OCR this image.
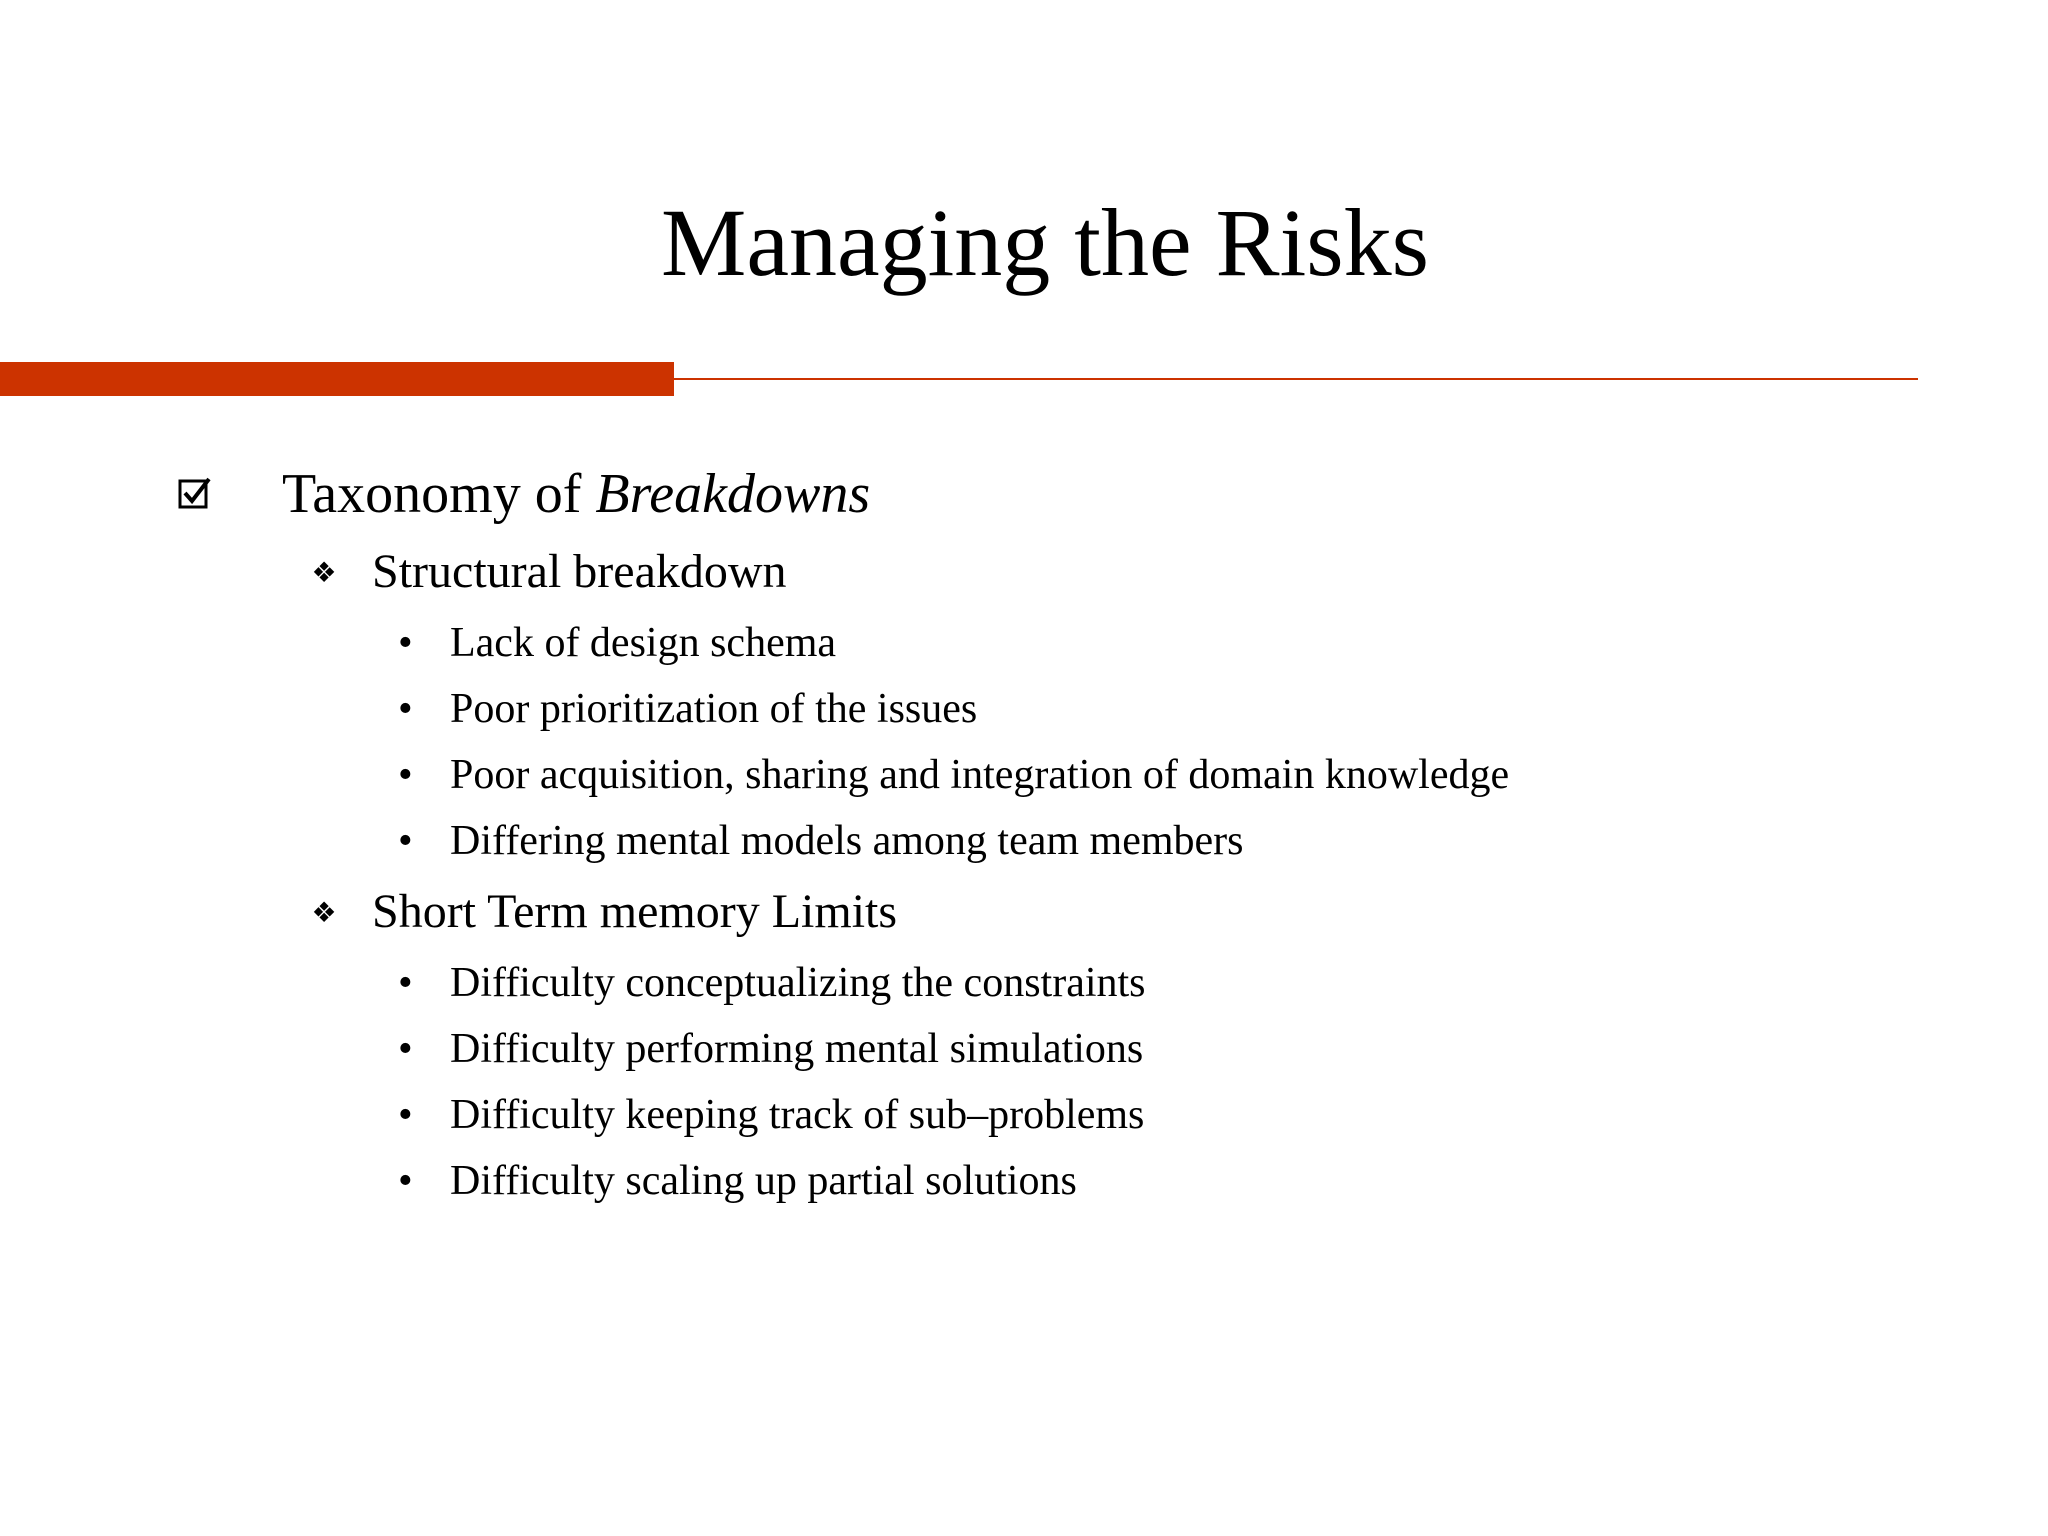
Managing the Risks
Taxonomy of Breakdowns
❖ Structural breakdown
• Lack of design schema
• Poor prioritization of the issues
• Poor acquisition, sharing and integration of domain knowledge
• Differing mental models among team members
❖ Short Term memory Limits
• Difficulty conceptualizing the constraints
• Difficulty performing mental simulations
• Difficulty keeping track of sub–problems
• Difficulty scaling up partial solutions
